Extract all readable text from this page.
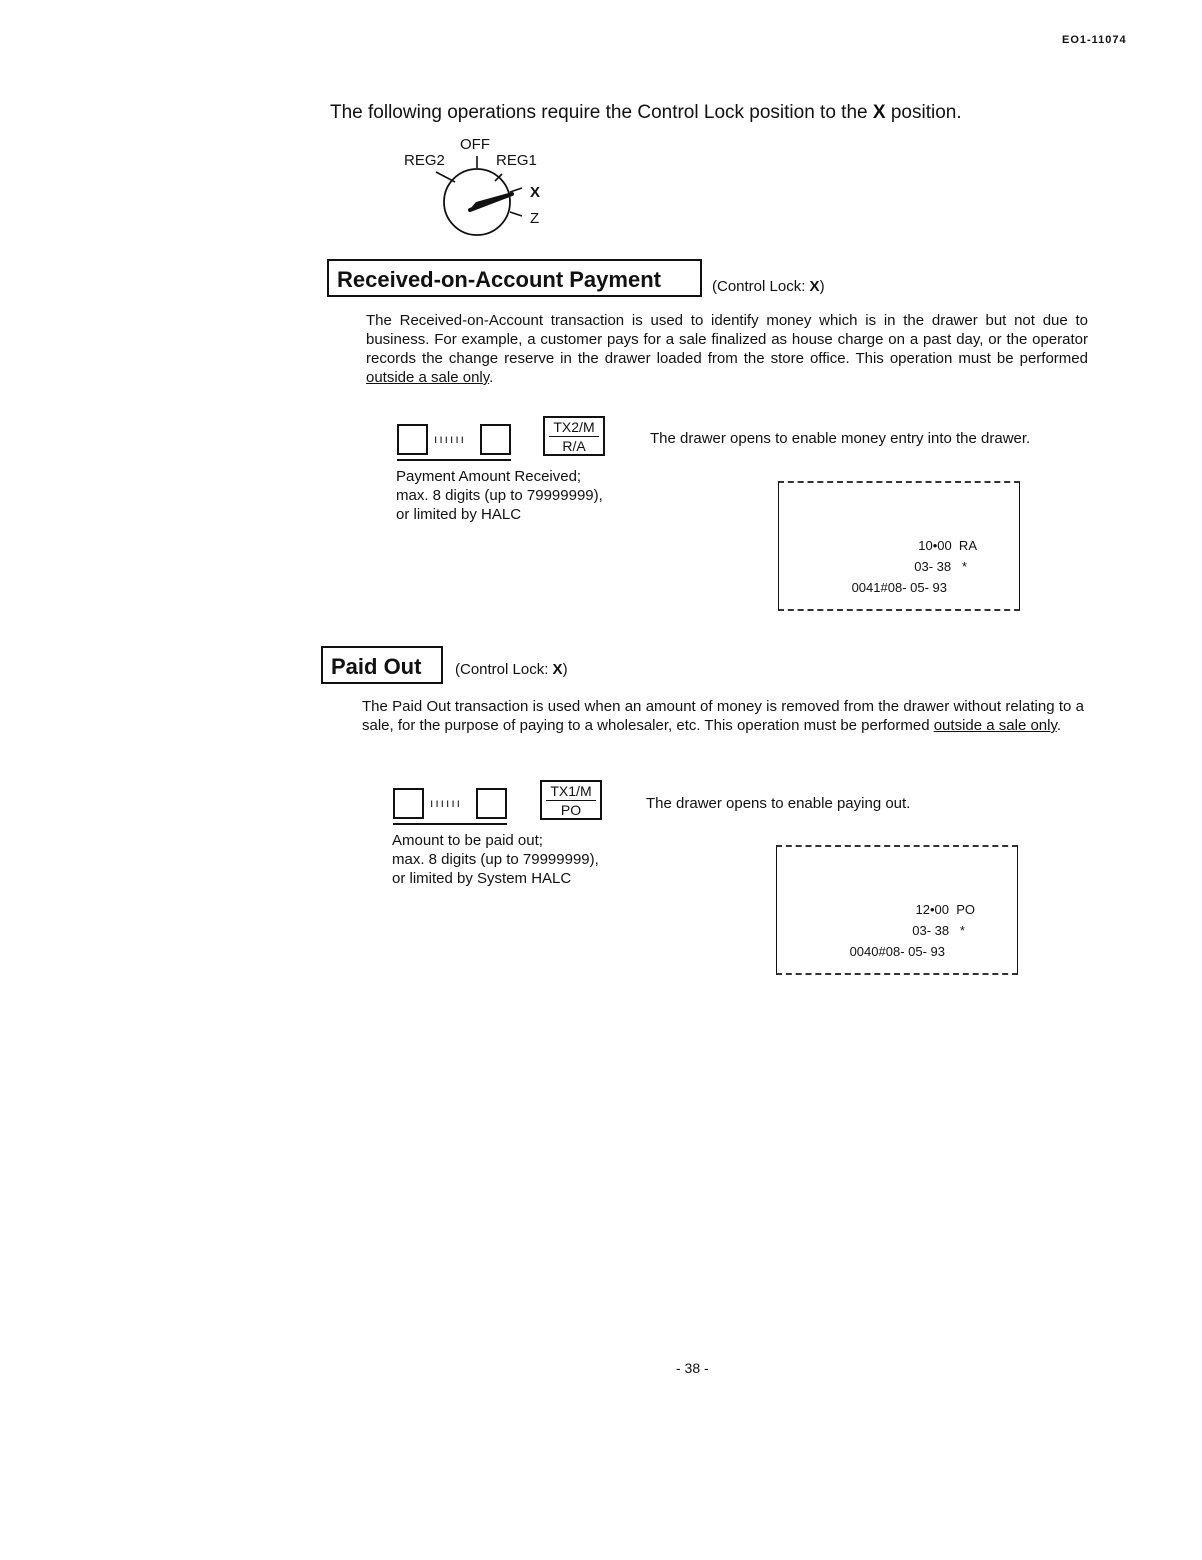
EO1-11074
The following operations require the Control Lock position to the X position.
OFF
REG2	REG1
X
Z
Received-on-Account Payment	(Control Lock: X)
The Received-on-Account transaction is used to identify money which is in the drawer but not due to business. For example, a customer pays for a sale finalized as house charge on a past day, or the operator records the change reserve in the drawer loaded from the store office. This operation must be performed outside a sale only.
ıııııı
TX2/M
R/A	The drawer opens to enable money entry into the drawer.
Payment Amount Received;
max. 8 digits (up to 79999999),
or limited by HALC
10•00  RA
03- 38   *
0041#08- 05- 93
Paid Out	(Control Lock: X)
The Paid Out transaction is used when an amount of money is removed from the drawer without relating to a sale, for the purpose of paying to a wholesaler, etc. This operation must be performed outside a sale only.
ıııııı
TX1/M
PO	The drawer opens to enable paying out.
Amount to be paid out;
max. 8 digits (up to 79999999),
or limited by System HALC
12•00  PO
03- 38   *
0040#08- 05- 93
- 38 -
